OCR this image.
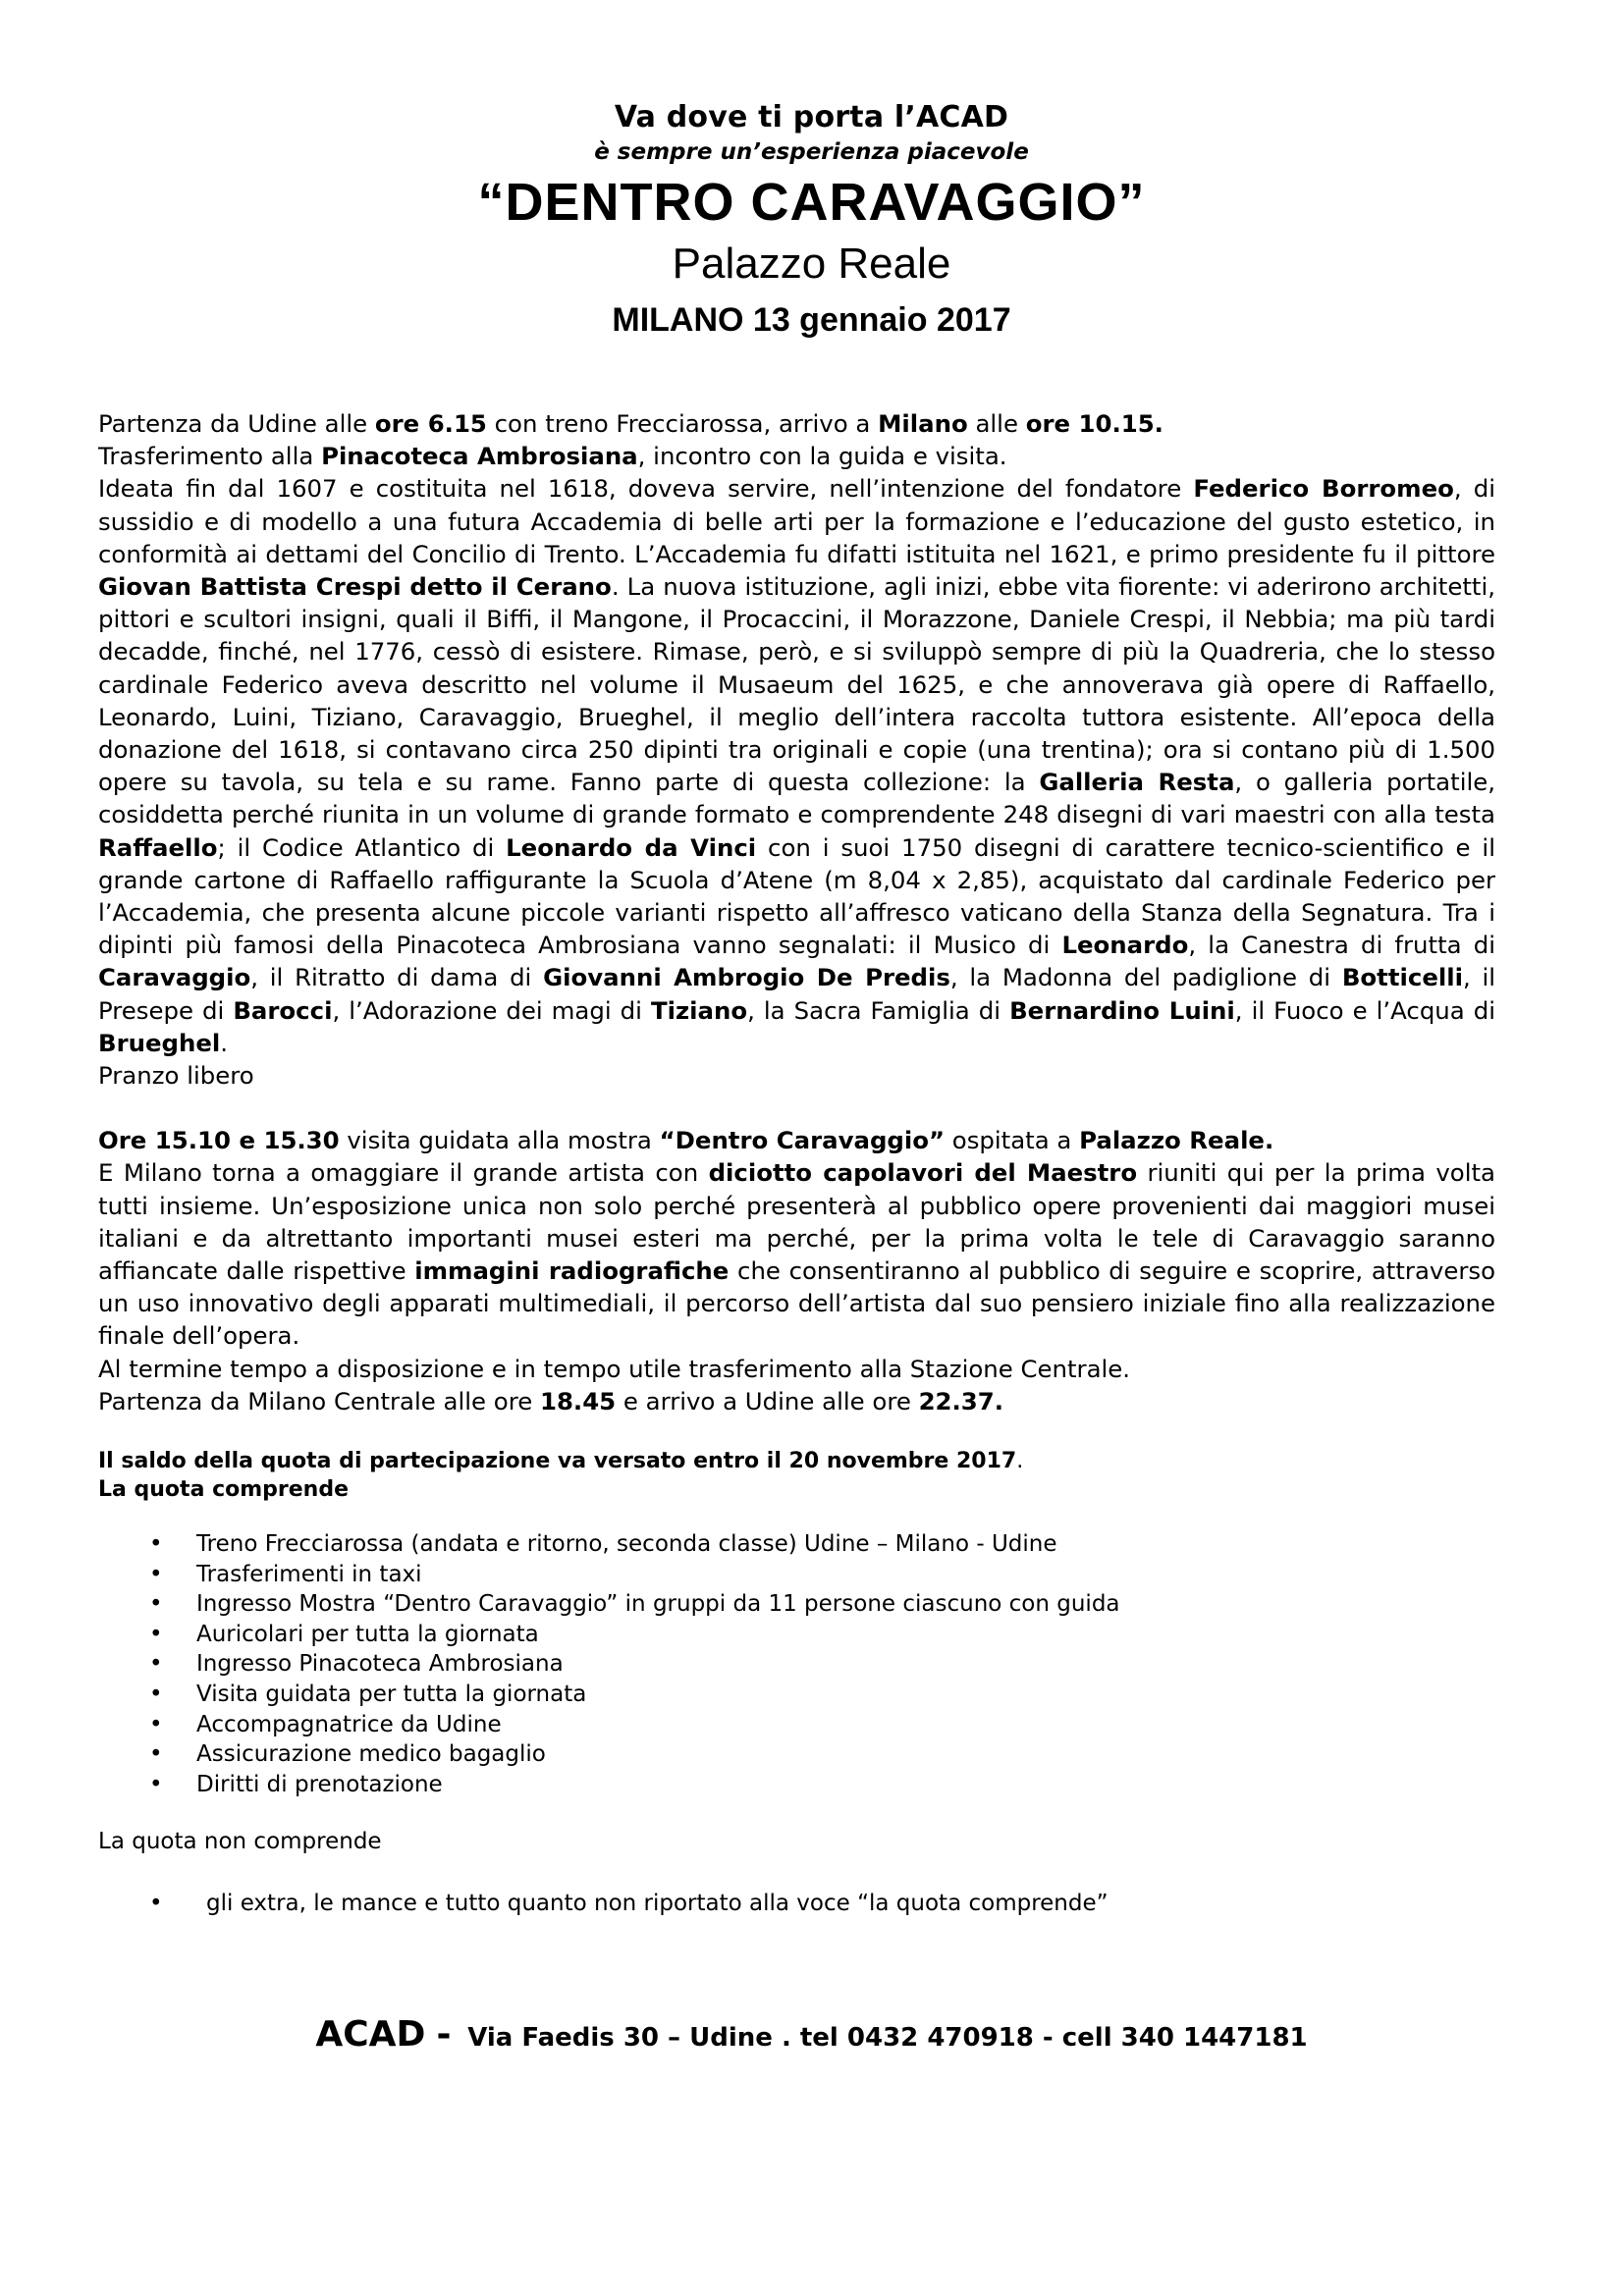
Va dove ti porta l’ACAD
è sempre un’esperienza piacevole
“DENTRO CARAVAGGIO”
Palazzo Reale
MILANO 13 gennaio 2017

Partenza da Udine alle ore 6.15 con treno Frecciarossa, arrivo a Milano alle ore 10.15.

Trasferimento alla Pinacoteca Ambrosiana, incontro con la guida e visita.

Ideata fin dal 1607 e costituita nel 1618, doveva servire, nell’intenzione del fondatore Federico Borromeo, di sussidio e di modello a una futura Accademia di belle arti per la formazione e l’educazione del gusto estetico, in conformità ai dettami del Concilio di Trento. L’Accademia fu difatti istituita nel 1621, e primo presidente fu il pittore Giovan Battista Crespi detto il Cerano. La nuova istituzione, agli inizi, ebbe vita fiorente: vi aderirono architetti, pittori e scultori insigni, quali il Biffi, il Mangone, il Procaccini, il Morazzone, Daniele Crespi, il Nebbia; ma più tardi decadde, finché, nel 1776, cessò di esistere. Rimase, però, e si sviluppò sempre di più la Quadreria, che lo stesso cardinale Federico aveva descritto nel volume il Musaeum del 1625, e che annoverava già opere di Raffaello, Leonardo, Luini, Tiziano, Caravaggio, Brueghel, il meglio dell’intera raccolta tuttora esistente. All’epoca della donazione del 1618, si contavano circa 250 dipinti tra originali e copie (una trentina); ora si contano più di 1.500 opere su tavola, su tela e su rame. Fanno parte di questa collezione: la Galleria Resta, o galleria portatile, cosiddetta perché riunita in un volume di grande formato e comprendente 248 disegni di vari maestri con alla testa Raffaello; il Codice Atlantico di Leonardo da Vinci con i suoi 1750 disegni di carattere tecnico-scientifico e il grande cartone di Raffaello raffigurante la Scuola d’Atene (m 8,04 x 2,85), acquistato dal cardinale Federico per l’Accademia, che presenta alcune piccole varianti rispetto all’affresco vaticano della Stanza della Segnatura. Tra i dipinti più famosi della Pinacoteca Ambrosiana vanno segnalati: il Musico di Leonardo, la Canestra di frutta di Caravaggio, il Ritratto di dama di Giovanni Ambrogio De Predis, la Madonna del padiglione di Botticelli, il Presepe di Barocci, l’Adorazione dei magi di Tiziano, la Sacra Famiglia di Bernardino Luini, il Fuoco e l’Acqua di Brueghel.

Pranzo libero

Ore 15.10 e 15.30 visita guidata alla mostra “Dentro Caravaggio” ospitata a Palazzo Reale.

E Milano torna a omaggiare il grande artista con diciotto capolavori del Maestro riuniti qui per la prima volta tutti insieme. Un’esposizione unica non solo perché presenterà al pubblico opere provenienti dai maggiori musei italiani e da altrettanto importanti musei esteri ma perché, per la prima volta le tele di Caravaggio saranno affiancate dalle rispettive immagini radiografiche che consentiranno al pubblico di seguire e scoprire, attraverso un uso innovativo degli apparati multimediali, il percorso dell’artista dal suo pensiero iniziale fino alla realizzazione finale dell’opera.

Al termine tempo a disposizione e in tempo utile trasferimento alla Stazione Centrale.

Partenza da Milano Centrale alle ore 18.45 e arrivo a Udine alle ore 22.37.

Il saldo della quota di partecipazione va versato entro il 20 novembre 2017.

La quota comprende

• Treno Frecciarossa (andata e ritorno, seconda classe) Udine – Milano - Udine
• Trasferimenti in taxi
• Ingresso Mostra “Dentro Caravaggio” in gruppi da 11 persone ciascuno con guida
• Auricolari per tutta la giornata
• Ingresso Pinacoteca Ambrosiana
• Visita guidata per tutta la giornata
• Accompagnatrice da Udine
• Assicurazione medico bagaglio
• Diritti di prenotazione

La quota non comprende

• gli extra, le mance e tutto quanto non riportato alla voce “la quota comprende”
ACAD - Via Faedis 30 – Udine . tel 0432 470918 - cell 340 1447181
